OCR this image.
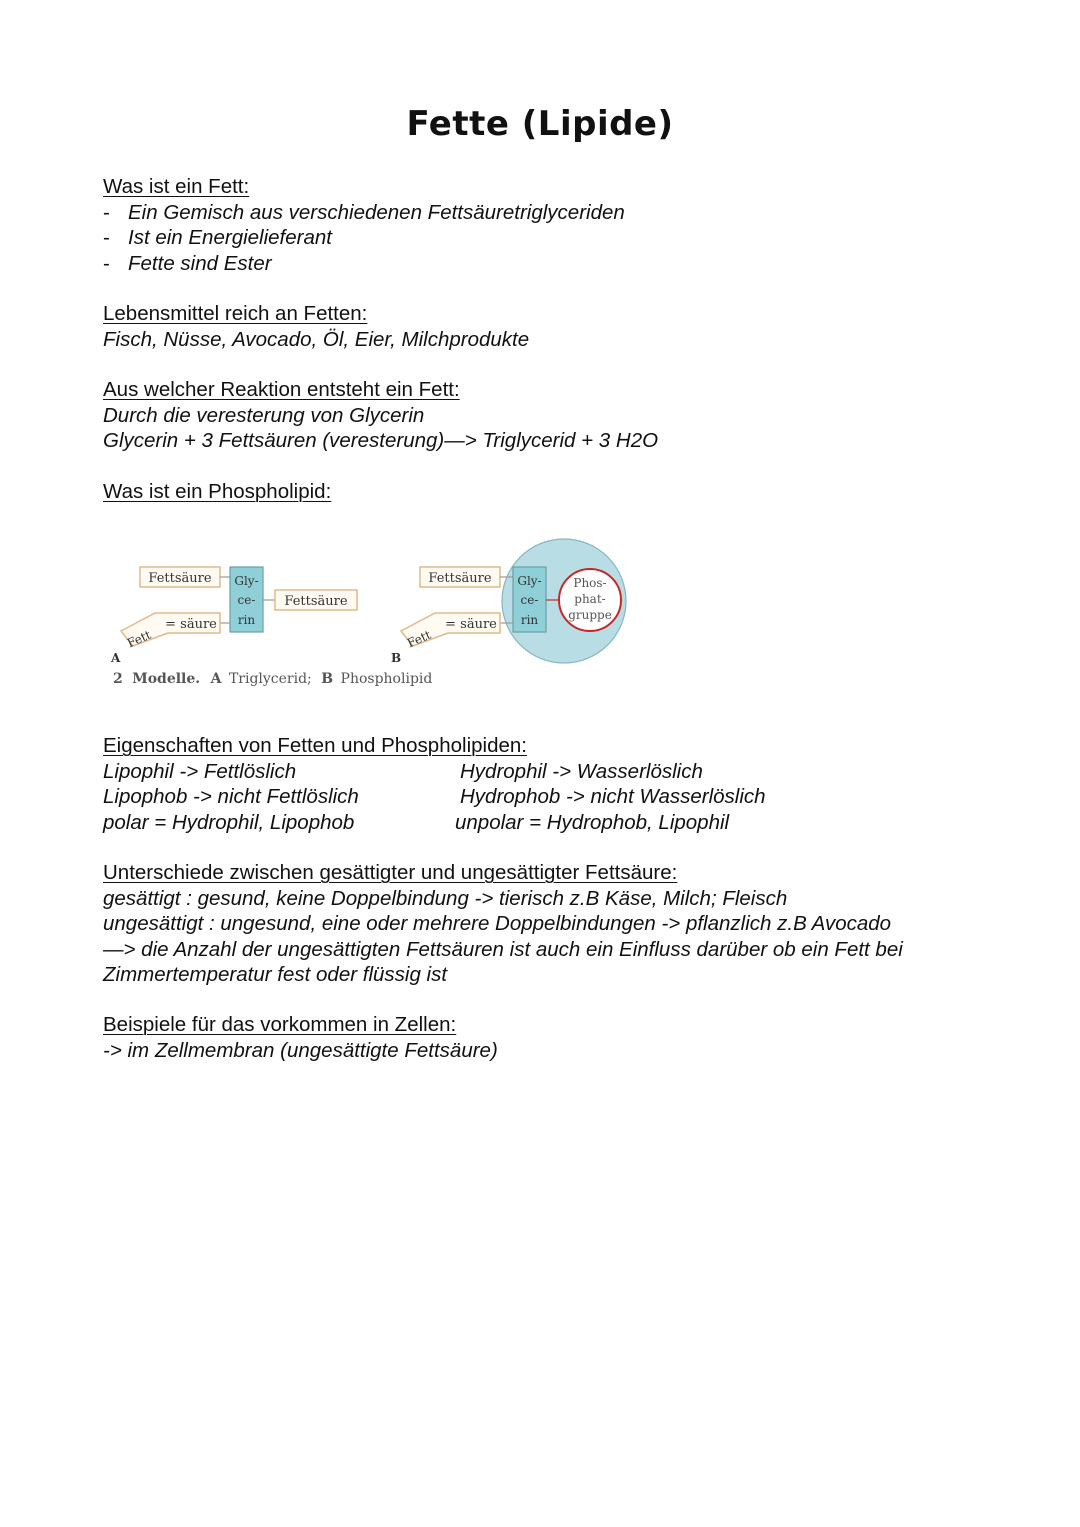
Fette (Lipide)
Was ist ein Fett:
- Ein Gemisch aus verschiedenen Fettsäuretriglyceriden
- Ist ein Energielieferant
- Fette sind Ester
Lebensmittel reich an Fetten:
Fisch, Nüsse, Avocado, Öl, Eier, Milchprodukte
Aus welcher Reaktion entsteht ein Fett:
Durch die veresterung von Glycerin
Glycerin + 3 Fettsäuren (veresterung)—> Triglycerid + 3 H2O
Was ist ein Phospholipid:
Fettsäure Gly-
ce-
rin
Fettsäure
= säure
Fett
A
Fettsäure Gly-
ce-
rin
Phos-
phat-
gruppe
= säure
Fett
B
2 Modelle. A Triglycerid; B Phospholipid
Eigenschaften von Fetten und Phospholipiden:
Lipophil -> Fettlöslich
Lipophob -> nicht Fettlöslich
polar = Hydrophil, Lipophob
Hydrophil -> Wasserlöslich
Hydrophob -> nicht Wasserlöslich
unpolar = Hydrophob, Lipophil
Unterschiede zwischen gesättigter und ungesättigter Fettsäure:
gesättigt : gesund, keine Doppelbindung -> tierisch z.B Käse, Milch; Fleisch
ungesättigt : ungesund, eine oder mehrere Doppelbindungen -> pflanzlich z.B Avocado
—> die Anzahl der ungesättigten Fettsäuren ist auch ein Einfluss darüber ob ein Fett bei
Zimmertemperatur fest oder flüssig ist
Beispiele für das vorkommen in Zellen:
-> im Zellmembran (ungesättigte Fettsäure)
